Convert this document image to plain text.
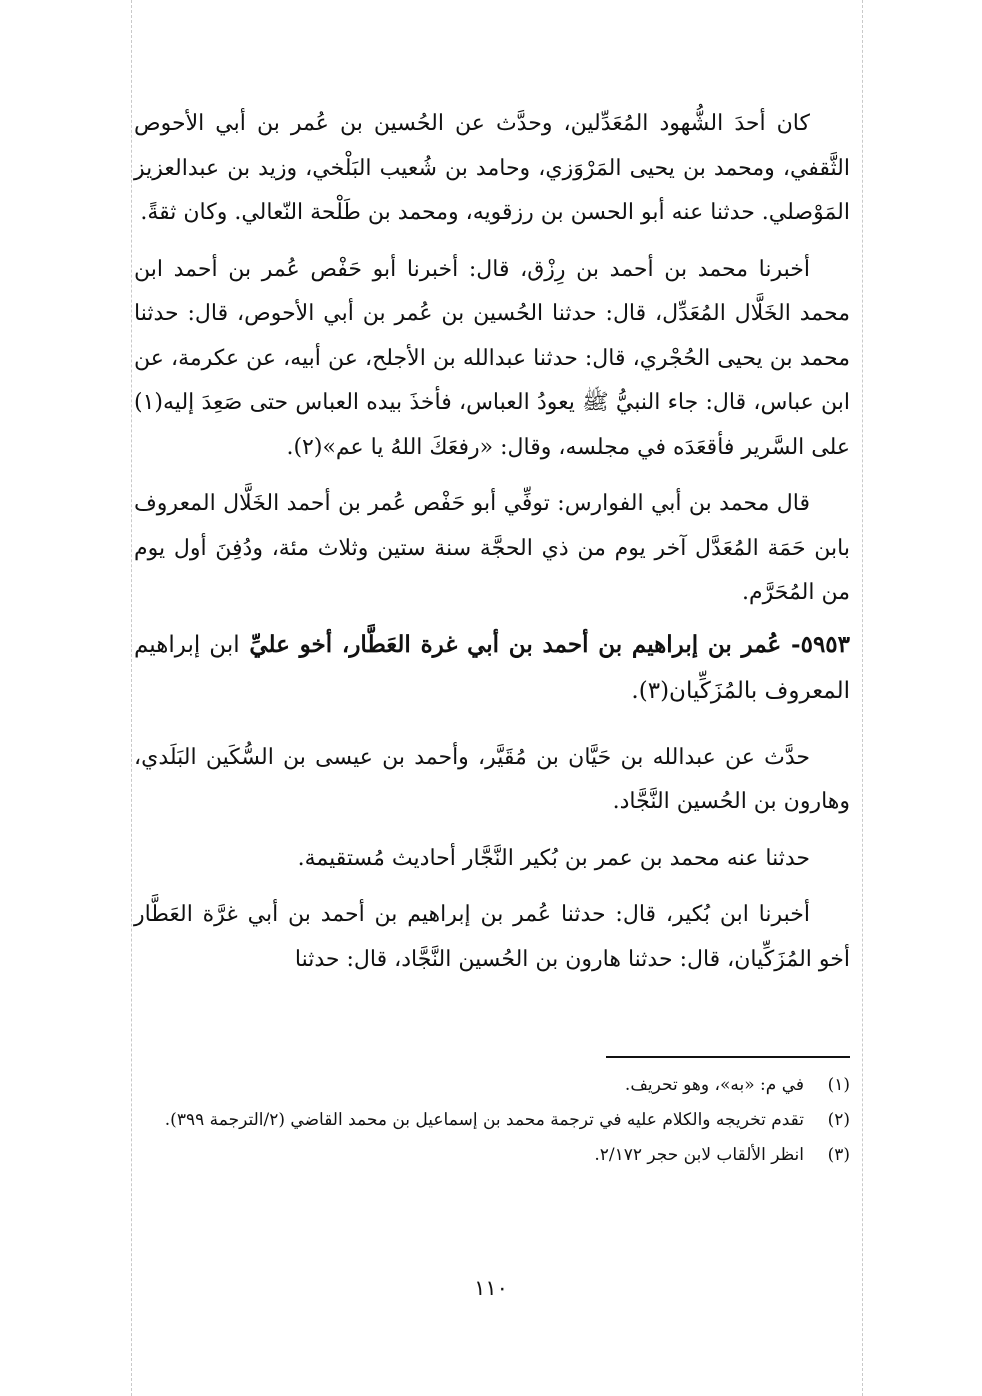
كان أحدَ الشُّهود المُعَدِّلين، وحدَّث عن الحُسين بن عُمر بن أبي الأحوص الثَّقفي، ومحمد بن يحيى المَرْوَزي، وحامد بن شُعيب البَلْخي، وزيد بن عبدالعزيز المَوْصلي. حدثنا عنه أبو الحسن بن رزقويه، ومحمد بن طَلْحة النّعالي. وكان ثقةً.

أخبرنا محمد بن أحمد بن رِزْق، قال: أخبرنا أبو حَفْص عُمر بن أحمد ابن محمد الخَلَّال المُعَدِّل، قال: حدثنا الحُسين بن عُمر بن أبي الأحوص، قال: حدثنا محمد بن يحيى الحُجْري، قال: حدثنا عبدالله بن الأجلح، عن أبيه، عن عكرمة، عن ابن عباس، قال: جاء النبيُّ ﷺ يعودُ العباس، فأخذَ بيده العباس حتى صَعِدَ إليه(١) على السَّرير فأقعَدَه في مجلسه، وقال: «رفعَكَ اللهُ يا عم»(٢).

قال محمد بن أبي الفوارس: توفِّي أبو حَفْص عُمر بن أحمد الخَلَّال المعروف بابن حَمَة المُعَدَّل آخر يوم من ذي الحجَّة سنة ستين وثلاث مئة، ودُفِنَ أول يوم من المُحَرَّم.

٥٩٥٣- عُمر بن إبراهيم بن أحمد بن أبي غرة العَطَّار، أخو عليِّ ابن إبراهيم المعروف بالمُزَكِّيان(٣).

حدَّث عن عبدالله بن حَيَّان بن مُقَيَّر، وأحمد بن عيسى بن السُّكَين البَلَدي، وهارون بن الحُسين النَّجَّاد.

حدثنا عنه محمد بن عمر بن بُكير النَّجَّار أحاديث مُستقيمة.

أخبرنا ابن بُكير، قال: حدثنا عُمر بن إبراهيم بن أحمد بن أبي غرَّة العَطَّار أخو المُزَكِّيان، قال: حدثنا هارون بن الحُسين النَّجَّاد، قال: حدثنا

(١)
في م: «به»، وهو تحريف.
(٢)
تقدم تخريجه والكلام عليه في ترجمة محمد بن إسماعيل بن محمد القاضي (٢/الترجمة ٣٩٩).
(٣)
انظر الألقاب لابن حجر ٢/١٧٢.
١١٠
